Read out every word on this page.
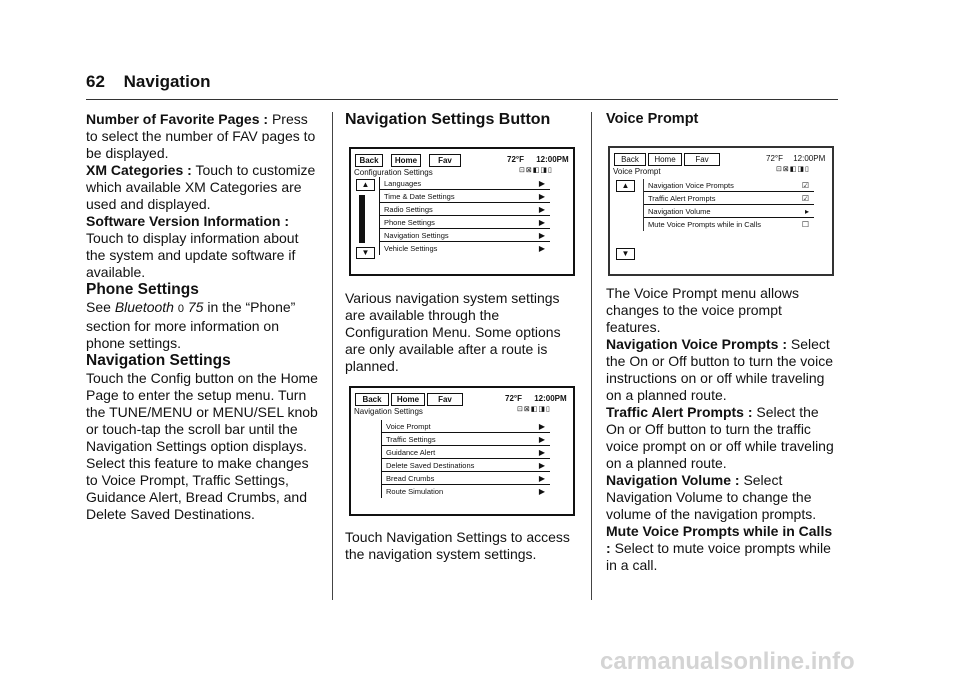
62 Navigation

Number of Favorite Pages : Press to select the number of FAV pages to be displayed.

XM Categories : Touch to customize which available XM Categories are used and displayed.

Software Version Information : Touch to display information about the system and update software if available.

Phone Settings

See Bluetooth 0 75 in the “Phone” section for more information on phone settings.

Navigation Settings

Touch the Config button on the Home Page to enter the setup menu. Turn the TUNE/MENU or MENU/SEL knob or touch-tap the scroll bar until the Navigation Settings option displays. Select this feature to make changes to Voice Prompt, Traffic Settings, Guidance Alert, Bread Crumbs, and Delete Saved Destinations.

Navigation Settings Button
Back	Home	Fav	72°F 12:00PM
Configuration Settings	⊡⊠◧◨▯
▲
▼
Languages	▶
Time & Date Settings	▶
Radio Settings	▶
Phone Settings	▶
Navigation Settings	▶
Vehicle Settings	▶

Various navigation system settings are available through the Configuration Menu. Some options are only available after a route is planned.

Back	Home	Fav	72°F 12:00PM
Navigation Settings	⊡⊠◧◨▯
Voice Prompt	▶
Traffic Settings	▶
Guidance Alert	▶
Delete Saved Destinations	▶
Bread Crumbs	▶
Route Simulation	▶

Touch Navigation Settings to access the navigation system settings.

Voice Prompt
Back	Home	Fav	72°F 12:00PM
Voice Prompt	⊡⊠◧◨▯
▲
▼
Navigation Voice Prompts	☑
Traffic Alert Prompts	☑
Navigation Volume	▸
Mute Voice Prompts while in Calls	☐

The Voice Prompt menu allows changes to the voice prompt features.

Navigation Voice Prompts : Select the On or Off button to turn the voice instructions on or off while traveling on a planned route.

Traffic Alert Prompts : Select the On or Off button to turn the traffic voice prompt on or off while traveling on a planned route.

Navigation Volume : Select Navigation Volume to change the volume of the navigation prompts.

Mute Voice Prompts while in Calls : Select to mute voice prompts while in a call.

carmanualsonline.info
